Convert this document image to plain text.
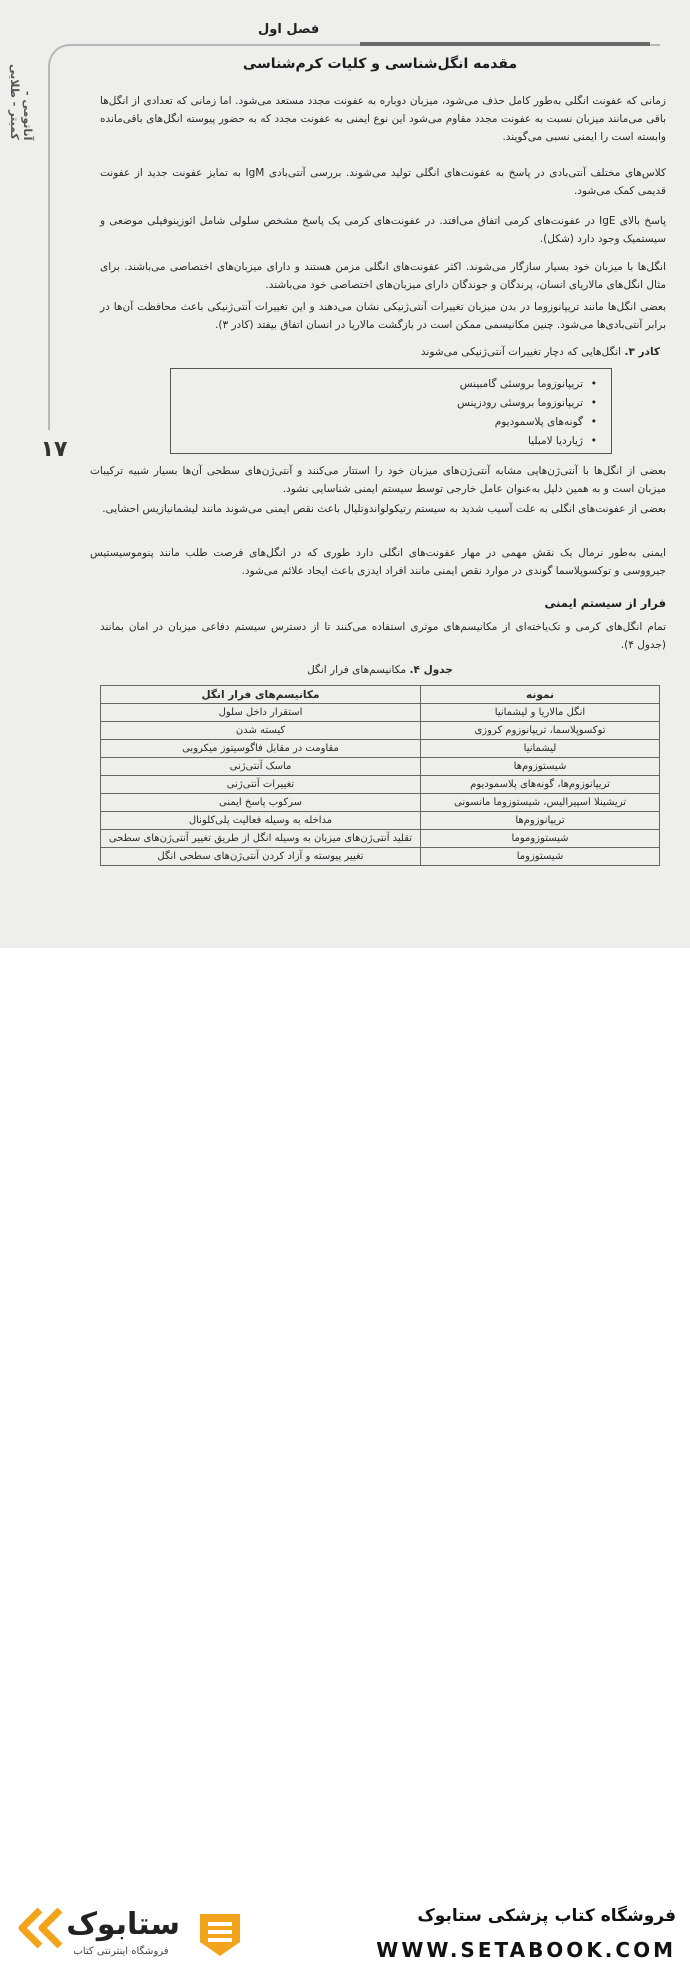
فصل اول
آناتومی - کمیتر - طلایی
۱۷
مقدمه انگل‌شناسی و کلیات کرم‌شناسی

زمانی که عفونت انگلی به‌طور کامل حذف می‌شود، میزبان دوباره به عفونت مجدد مستعد می‌شود. اما زمانی که تعدادی از انگل‌ها باقی می‌مانند میزبان نسبت به عفونت مجدد مقاوم می‌شود این نوع ایمنی به عفونت مجدد که به حضور پیوسته انگل‌های باقی‌مانده وابسته است را ایمنی نسبی می‌گویند.

کلاس‌های مختلف آنتی‌بادی در پاسخ به عفونت‌های انگلی تولید می‌شوند. بررسی آنتی‌بادی IgM به تمایز عفونت جدید از عفونت قدیمی کمک می‌شود.

پاسخ بالای IgE در عفونت‌های کرمی اتفاق می‌افتد. در عفونت‌های کرمی یک پاسخ مشخص سلولی شامل ائوزینوفیلی موضعی و سیستمیک وجود دارد (شکل).

انگل‌ها با میزبان خود بسیار سازگار می‌شوند. اکثر عفونت‌های انگلی مزمن هستند و دارای میزبان‌های اختصاصی می‌باشند. برای مثال انگل‌های مالاریای انسان، پرندگان و جوندگان دارای میزبان‌های اختصاصی خود می‌باشند.

بعضی انگل‌ها مانند تریپانوزوما در بدن میزبان تغییرات آنتی‌ژنیکی نشان می‌دهند و این تغییرات آنتی‌ژنیکی باعث محافظت آن‌ها در برابر آنتی‌بادی‌ها می‌شود. چنین مکانیسمی ممکن است در بازگشت مالاریا در انسان اتفاق بیفتد (کادر ۳).

کادر ۳. انگل‌هایی که دچار تغییرات آنتی‌ژنیکی می‌شوند
• تریپانوزوما بروسئی گامبینس
• تریپانوزوما بروسئی رودزینس
• گونه‌های پلاسمودیوم
• ژیاردیا لامبلیا

بعضی از انگل‌ها با آنتی‌ژن‌هایی مشابه آنتی‌ژن‌های میزبان خود را استتار می‌کنند و آنتی‌ژن‌های سطحی آن‌ها بسیار شبیه ترکیبات میزبان است و به همین دلیل به‌عنوان عامل خارجی توسط سیستم ایمنی شناسایی نشود.

بعضی از عفونت‌های انگلی به علت آسیب شدید به سیستم رتیکولواندوتلیال باعث نقص ایمنی می‌شوند مانند لیشمانیازیس احشایی.

ایمنی به‌طور نرمال یک نقش مهمی در مهار عفونت‌های انگلی دارد طوری که در انگل‌های فرصت طلب مانند پنوموسیستیس جیرووسی و توکسوپلاسما گوندی در موارد نقص ایمنی مانند افراد ایدزی باعث ایجاد علائم می‌شود.

فرار از سیستم ایمنی

تمام انگل‌های کرمی و تک‌یاخته‌ای از مکانیسم‌های موثری استفاده می‌کنند تا از دسترس سیستم دفاعی میزبان در امان بمانند (جدول ۴).

جدول ۴. مکانیسم‌های فرار انگل
نمونه	مکانیسم‌های فرار انگل
انگل مالاریا و لیشمانیا	استقرار داخل سلول
توکسوپلاسما، تریپانوزوم کروزی	کیسته شدن
لیشمانیا	مقاومت در مقابل فاگوسیتوز میکروبی
شیستوزوم‌ها	ماسک آنتی‌ژنی
تریپانوزوم‌ها، گونه‌های پلاسمودیوم	تغییرات آنتی‌ژنی
تریشینلا اسپیرالیس، شیستوزوما مانسونی	سرکوب پاسخ ایمنی
تریپانوزوم‌ها	مداخله به وسیله فعالیت پلی‌کلونال
شیستوزوموما	تقلید آنتی‌ژن‌های میزبان به وسیله انگل از طریق تغییر آنتی‌ژن‌های سطحی
شیستوزوما	تغییر پیوسته و آزاد کردن آنتی‌ژن‌های سطحی انگل
ستابوک
فروشگاه اینترنتی کتاب
فروشگاه کتاب پزشکی ستابوک
WWW.SETABOOK.COM
